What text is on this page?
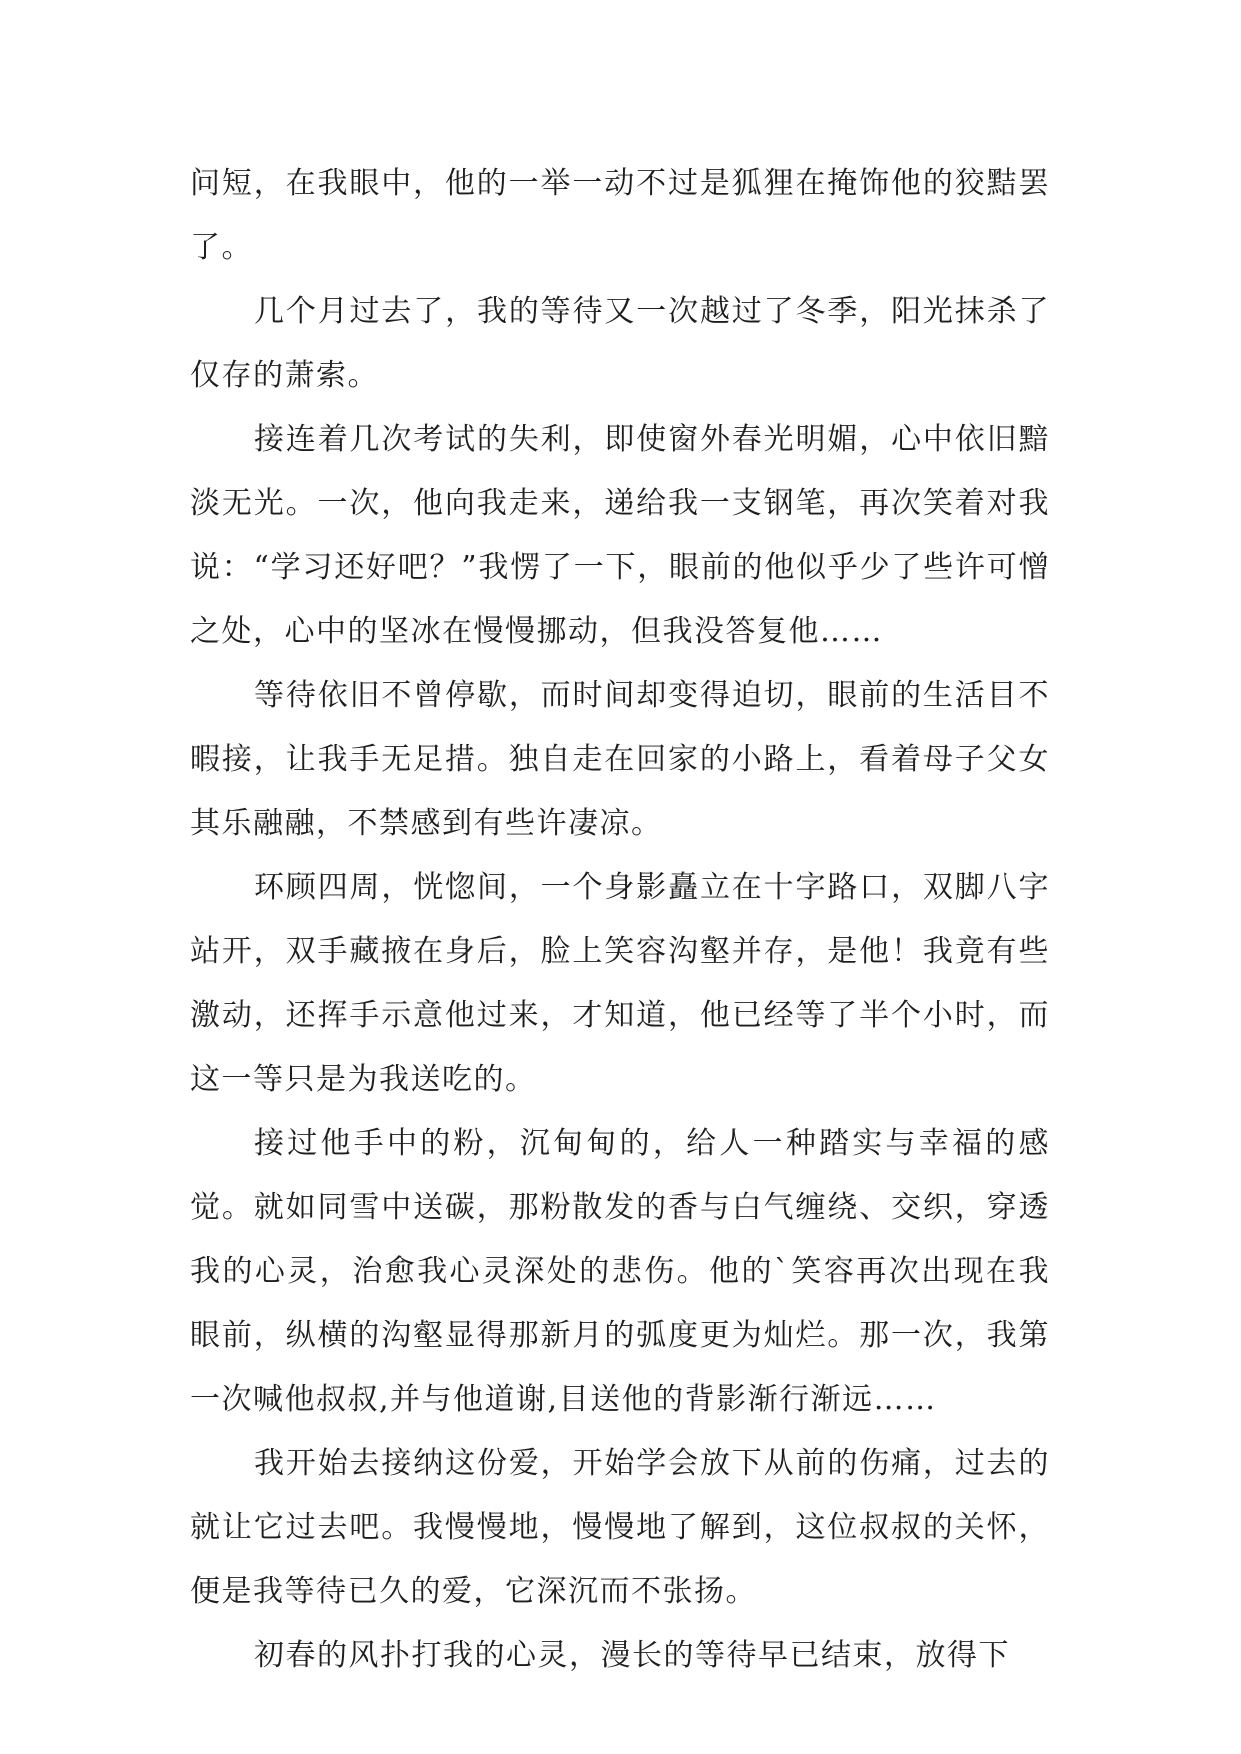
问短，在我眼中，他的一举一动不过是狐狸在掩饰他的狡黠罢了。

几个月过去了，我的等待又一次越过了冬季，阳光抹杀了仅存的萧索。

接连着几次考试的失利，即使窗外春光明媚，心中依旧黯淡无光。一次，他向我走来，递给我一支钢笔，再次笑着对我说：“学习还好吧？”我愣了一下，眼前的他似乎少了些许可憎之处，心中的坚冰在慢慢挪动，但我没答复他……

等待依旧不曾停歇，而时间却变得迫切，眼前的生活目不暇接，让我手无足措。独自走在回家的小路上，看着母子父女其乐融融，不禁感到有些许凄凉。

环顾四周，恍惚间，一个身影矗立在十字路口，双脚八字站开，双手藏掖在身后，脸上笑容沟壑并存，是他！我竟有些激动，还挥手示意他过来，才知道，他已经等了半个小时，而这一等只是为我送吃的。

接过他手中的粉，沉甸甸的，给人一种踏实与幸福的感觉。就如同雪中送碳，那粉散发的香与白气缠绕、交织，穿透我的心灵，治愈我心灵深处的悲伤。他的`笑容再次出现在我眼前，纵横的沟壑显得那新月的弧度更为灿烂。那一次，我第一次喊他叔叔,并与他道谢,目送他的背影渐行渐远……

我开始去接纳这份爱，开始学会放下从前的伤痛，过去的就让它过去吧。我慢慢地，慢慢地了解到，这位叔叔的关怀，便是我等待已久的爱，它深沉而不张扬。

初春的风扑打我的心灵，漫长的等待早已结束，放得下
